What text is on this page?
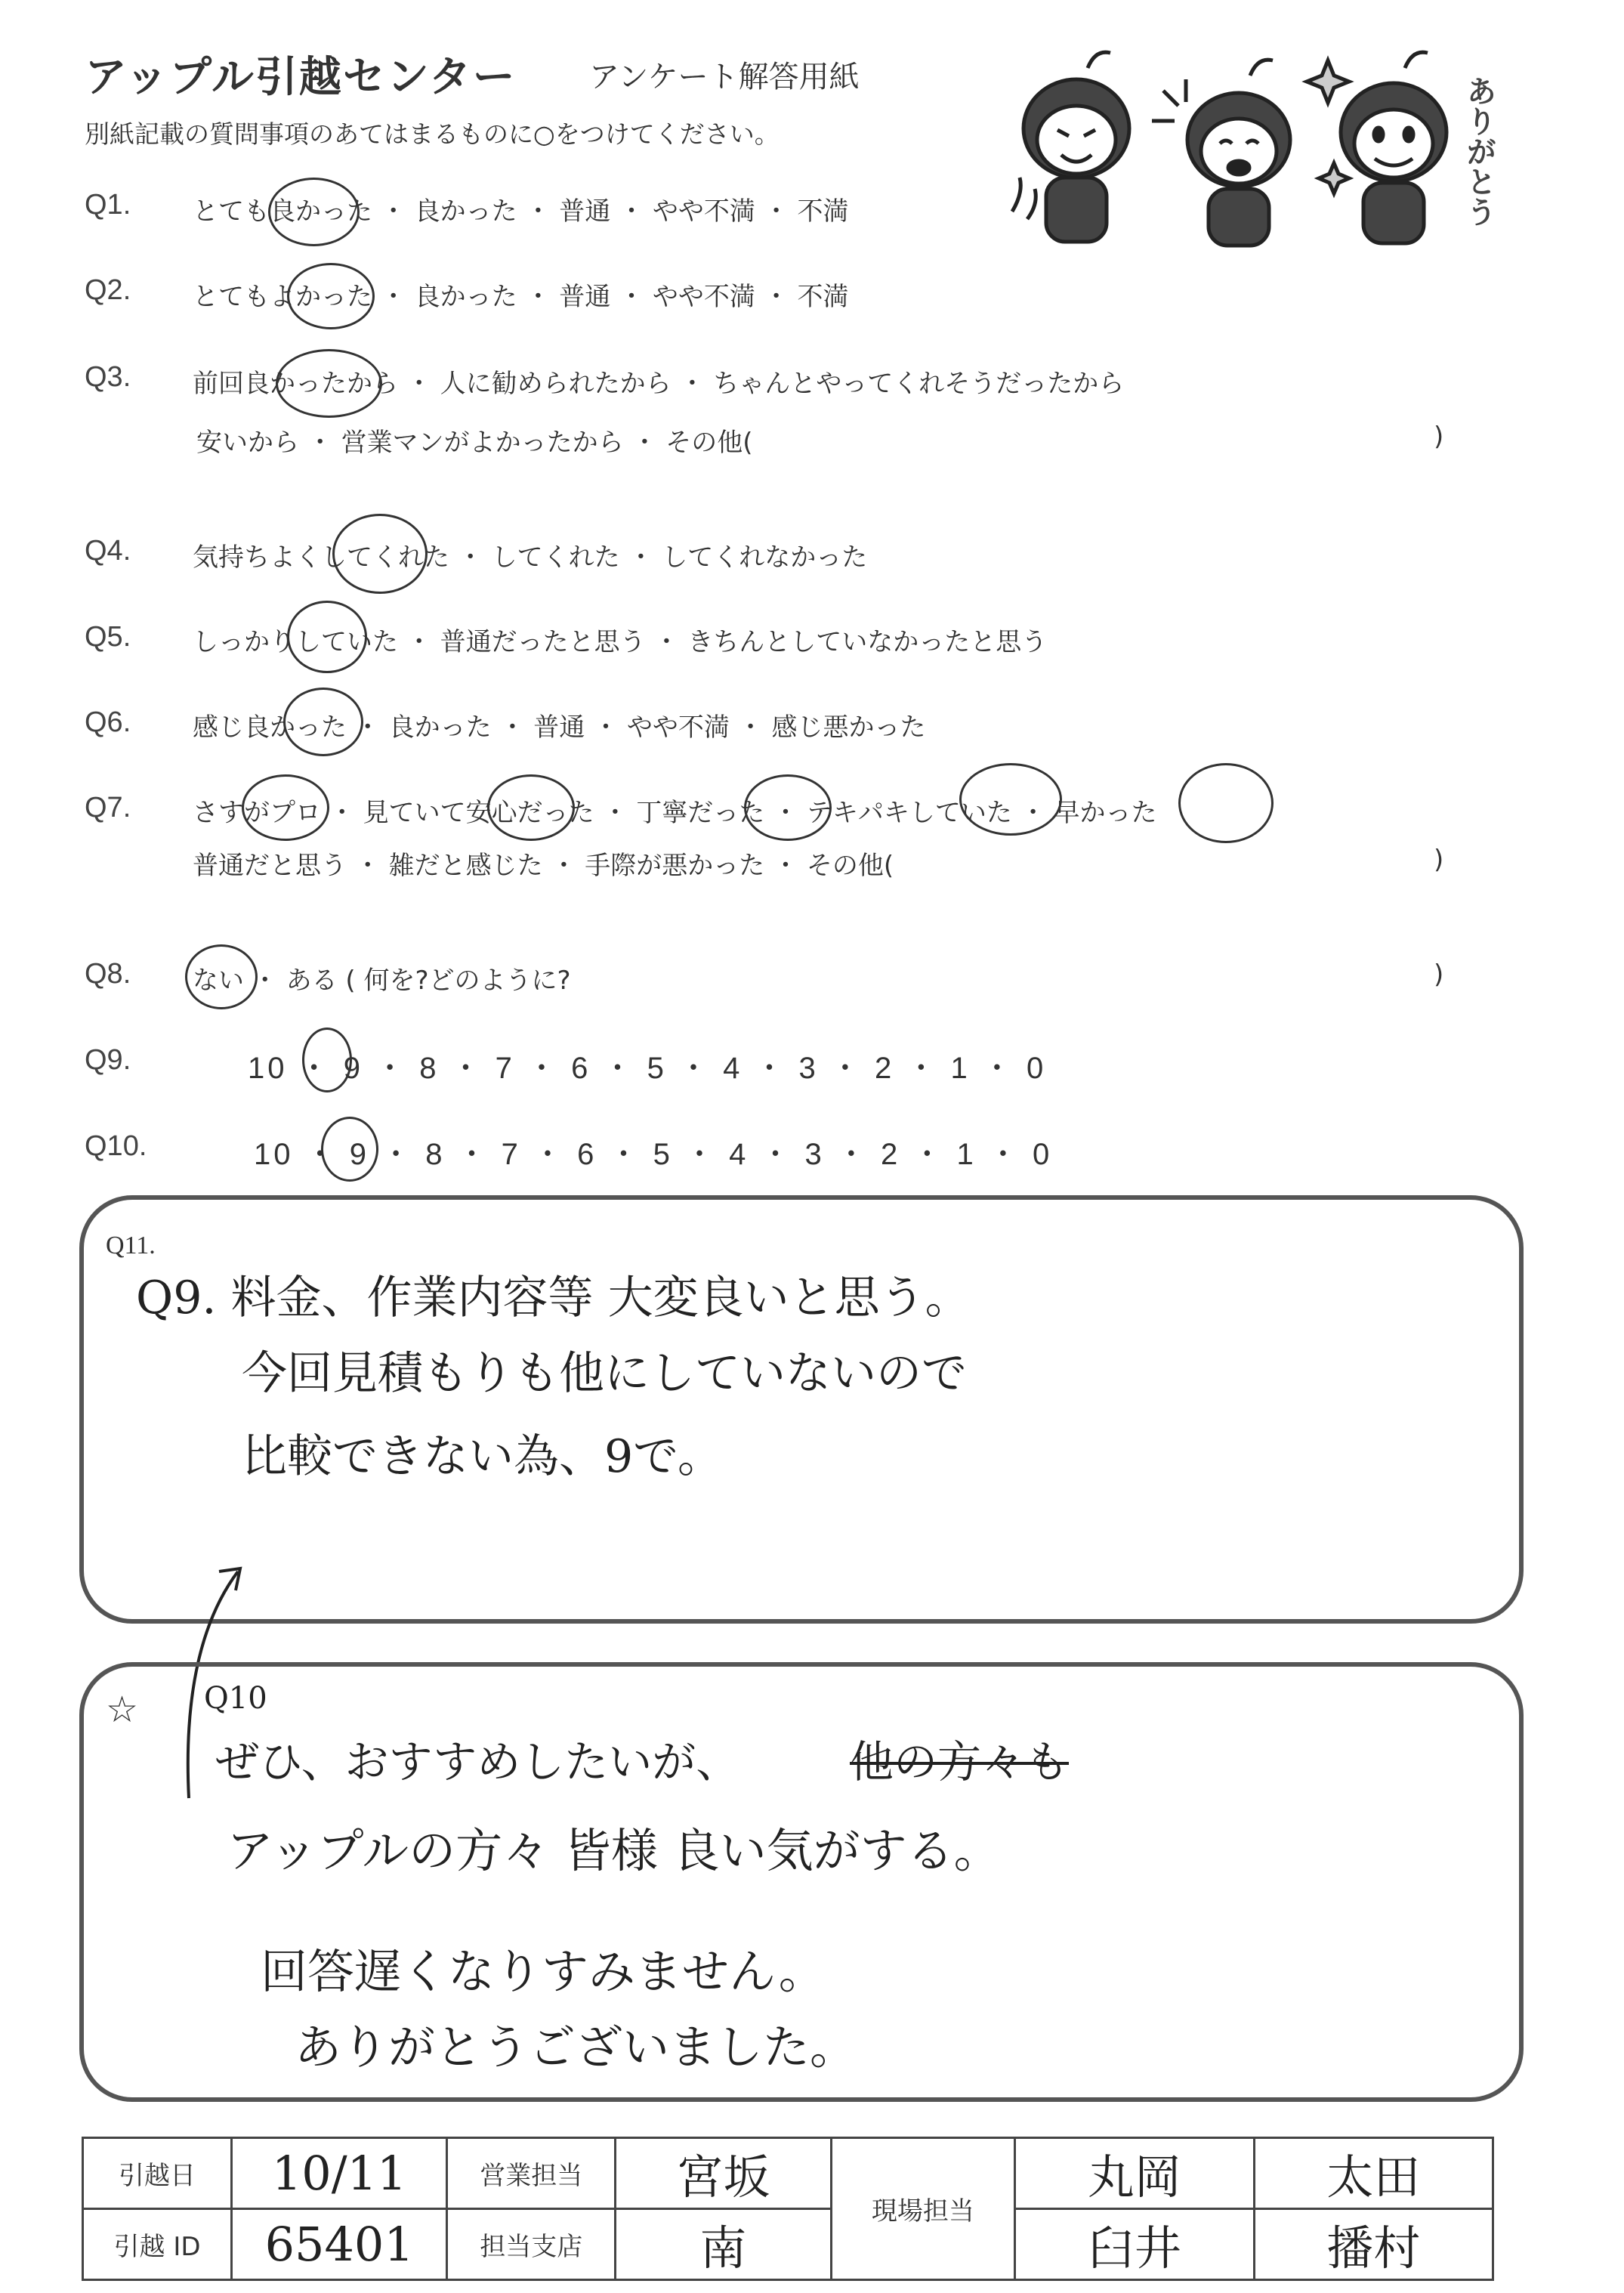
アップル引越センター アンケート解答用紙
別紙記載の質問事項のあてはまるものに○をつけてください。	ありがとう
Q1. とても良かった ・ 良かった ・ 普通 ・ やや不満 ・ 不満
Q2. とてもよかった ・ 良かった ・ 普通 ・ やや不満 ・ 不満
Q3. 前回良かったから ・ 人に勧められたから ・ ちゃんとやってくれそうだったから
安いから ・ 営業マンがよかったから ・ その他(	)
Q4. 気持ちよくしてくれた ・ してくれた ・ してくれなかった
Q5. しっかりしていた ・ 普通だったと思う ・ きちんとしていなかったと思う
Q6. 感じ良かった ・ 良かった ・ 普通 ・ やや不満 ・ 感じ悪かった
Q7. さすがプロ ・ 見ていて安心だった ・ 丁寧だった ・ テキパキしていた ・ 早かった
普通だと思う ・ 雑だと感じた ・ 手際が悪かった ・ その他(	)
Q8. ない ・ ある ( 何を?どのように?	)
Q9.	10 ・ 9 ・ 8 ・ 7 ・ 6 ・ 5 ・ 4 ・ 3 ・ 2 ・ 1 ・ 0
Q10.	10 ・ 9 ・ 8 ・ 7 ・ 6 ・ 5 ・ 4 ・ 3 ・ 2 ・ 1 ・ 0
Q11.
Q9. 料金、作業内容等 大変良いと思う。
今回見積もりも他にしていないので
比較できない為、9で。
☆ Q10
ぜひ、おすすめしたいが、	他の方々も
アップルの方々 皆様 良い気がする。
回答遅くなりすみません。
ありがとうございました。
引越日	10/11	営業担当	宮坂	現場担当	丸岡	太田
引越 ID	65401	担当支店	南		臼井	播村
